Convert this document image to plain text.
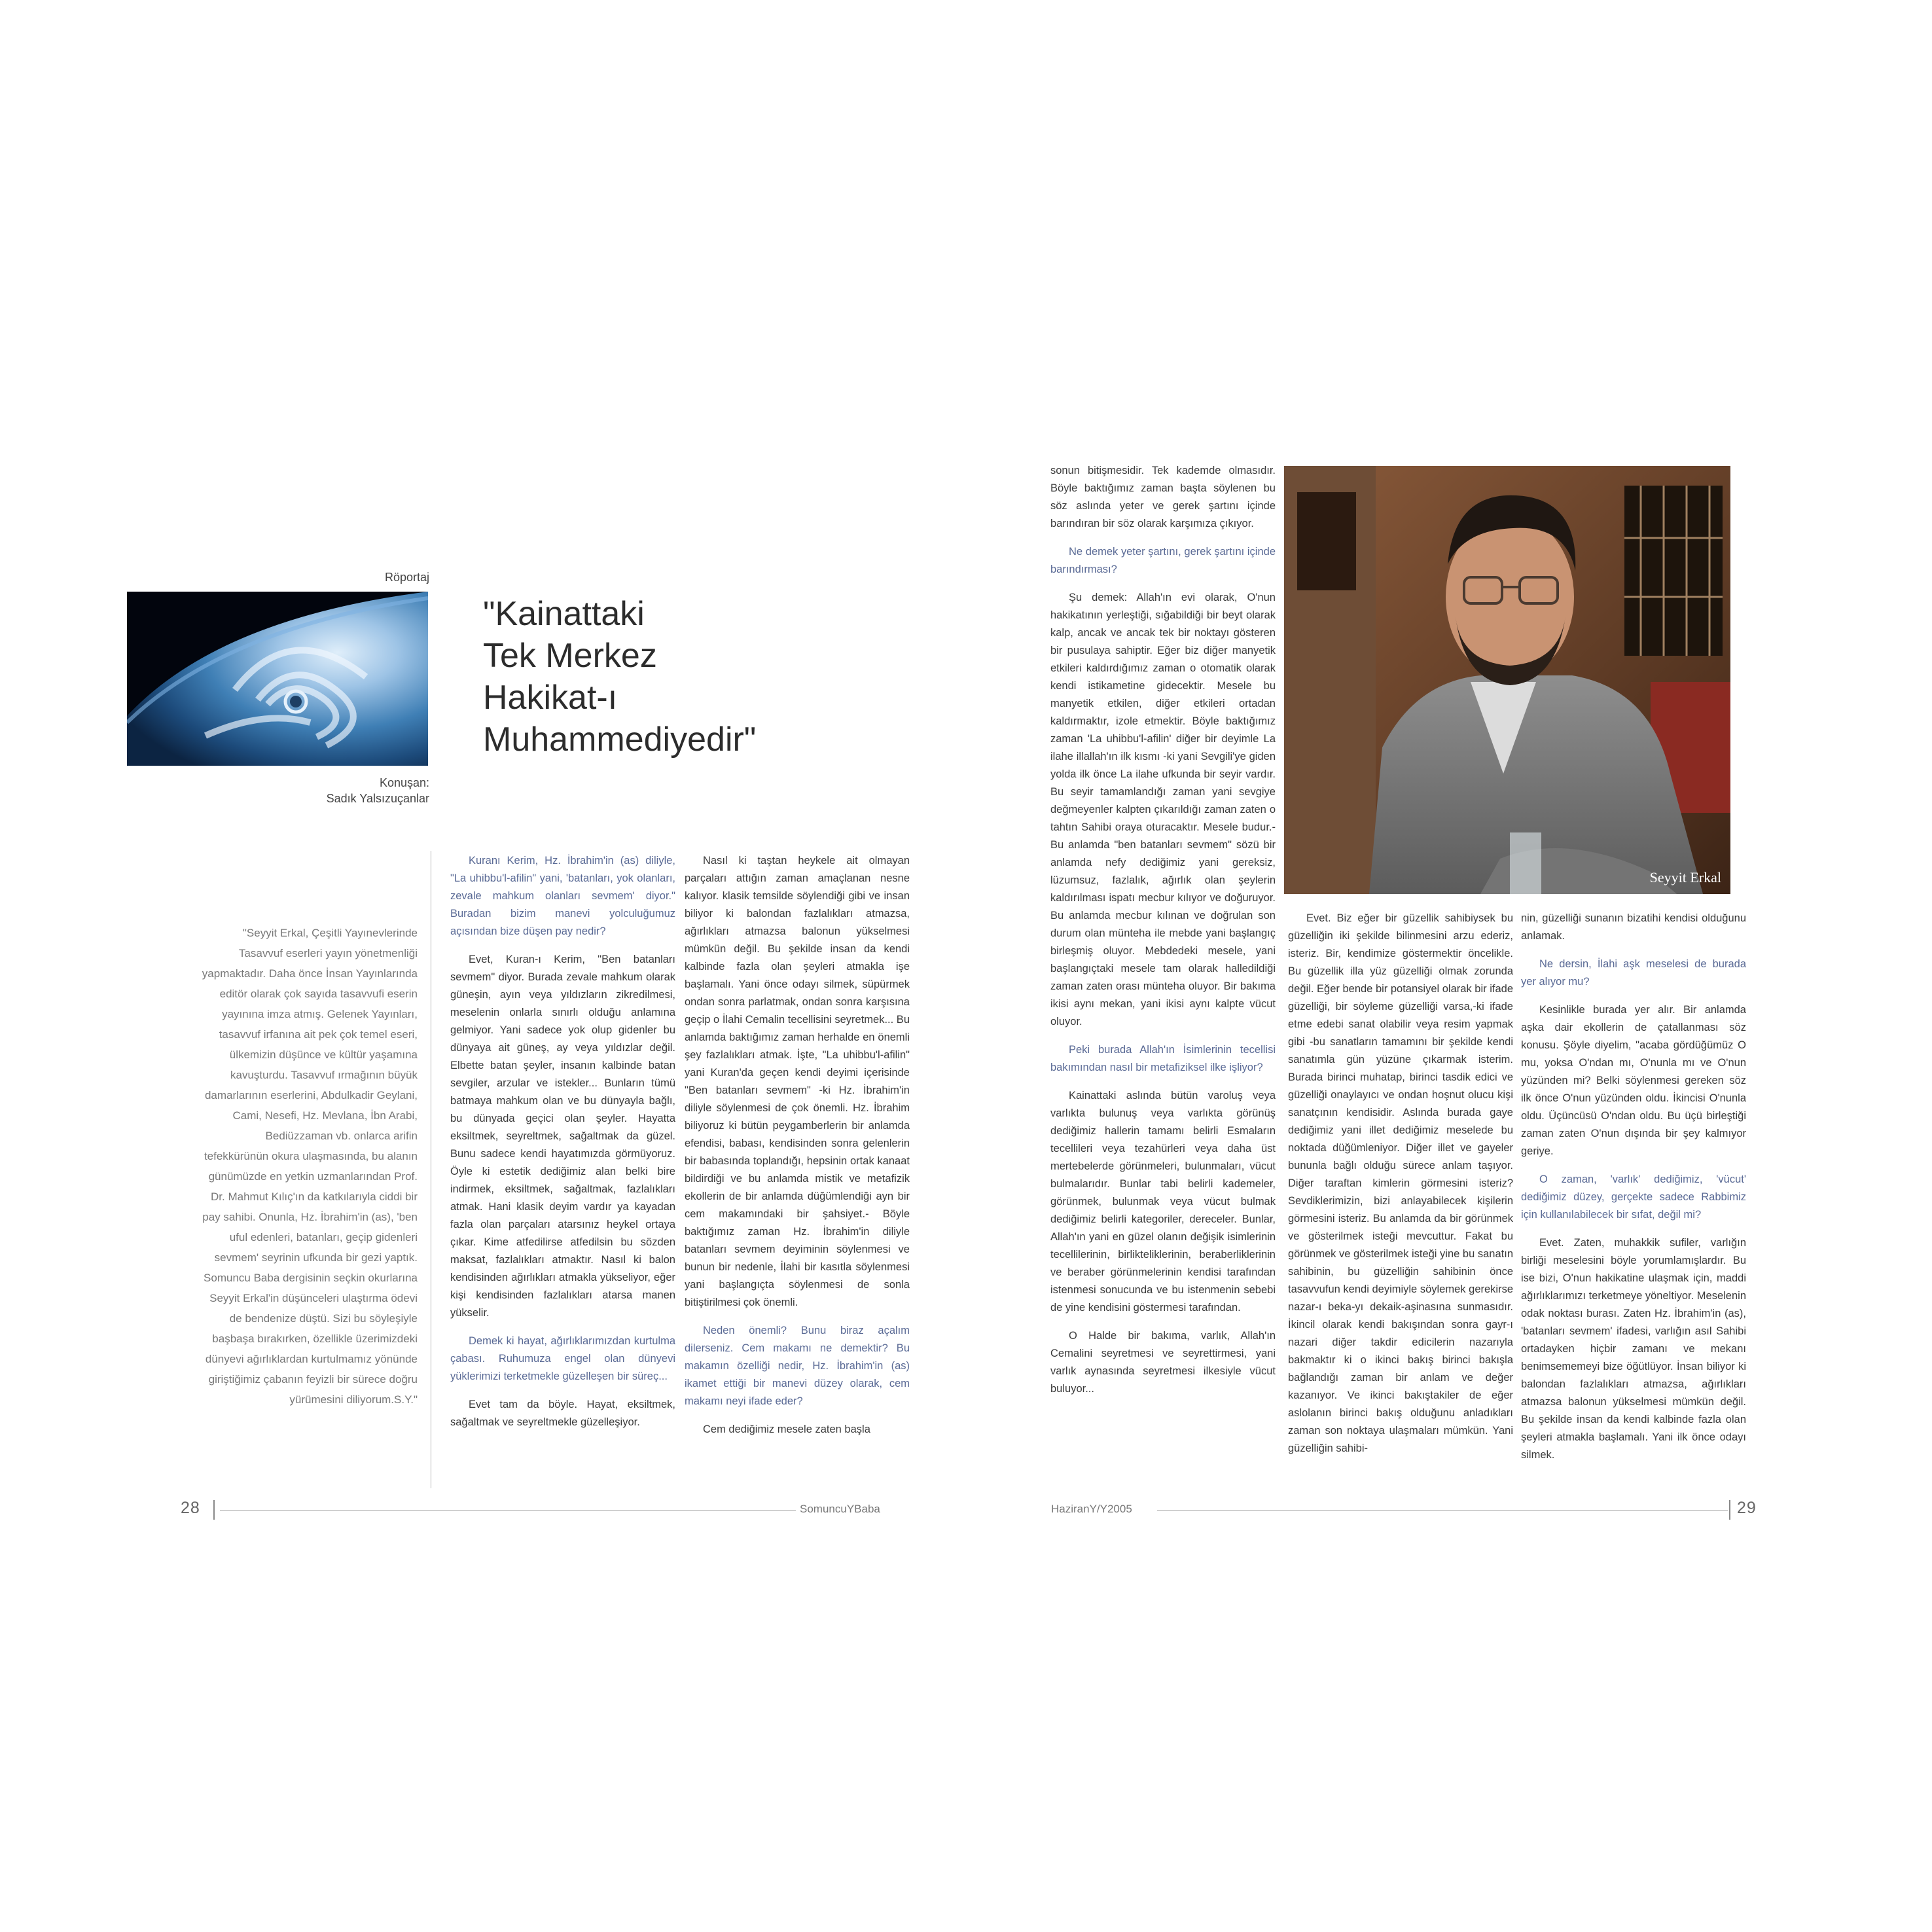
Röportaj
Konuşan:
Sadık Yalsızuçanlar
"Kainattaki
Tek Merkez
Hakikat-ı
Muhammediyedir"

"Seyyit Erkal, Çeşitli Yayınevlerinde Tasavvuf eserleri yayın yönetmenliği yapmaktadır. Daha önce İnsan Yayınlarında editör olarak çok sayıda tasavvufi eserin yayınına imza atmış. Gelenek Yayınları, tasavvuf irfanına ait pek çok temel eseri, ülkemizin düşünce ve kültür yaşamına kavuşturdu. Tasavvuf ırmağının büyük damarlarının eserlerini, Abdulkadir Geylani, Cami, Nesefi, Hz. Mevlana, İbn Arabi, Bediüzzaman vb. onlarca arifin tefekkürünün okura ulaşmasında, bu alanın günümüzde en yetkin uzmanlarından Prof. Dr. Mahmut Kılıç'ın da katkılarıyla ciddi bir pay sahibi. Onunla, Hz. İbrahim'in (as), 'ben uful edenleri, batanları, geçip gidenleri sevmem' seyrinin ufkunda bir gezi yaptık. Somuncu Baba dergisinin seçkin okurlarına Seyyit Erkal'in düşünceleri ulaştırma ödevi de bendenize düştü. Sizi bu söyleşiyle başbaşa bırakırken, özellikle üzerimizdeki dünyevi ağırlıklardan kurtulmamız yönünde giriştiğimiz çabanın feyizli bir sürece doğru yürümesini diliyorum.S.Y."

Kuranı Kerim, Hz. İbrahim'in (as) diliyle, "La uhibbu'l-afilin" yani, 'batanları, yok olanları, zevale mahkum olanları sevmem' diyor." Buradan bizim manevi yolculuğumuz açısından bize düşen pay nedir?

Evet, Kuran-ı Kerim, "Ben batanları sevmem" diyor. Burada zevale mahkum olarak güneşin, ayın veya yıldızların zikredilmesi, meselenin onlarla sınırlı olduğu anlamına gelmiyor. Yani sadece yok olup gidenler bu dünyaya ait güneş, ay veya yıldızlar değil. Elbette batan şeyler, insanın kalbinde batan sevgiler, arzular ve istekler... Bunların tümü batmaya mahkum olan ve bu dünyayla bağlı, bu dünyada geçici olan şeyler. Hayatta eksiltmek, seyreltmek, sağaltmak da güzel. Bunu sadece kendi hayatımızda görmüyoruz. Öyle ki estetik dediğimiz alan belki bire indirmek, eksiltmek, sağaltmak, fazlalıkları atmak. Hani klasik deyim vardır ya kayadan fazla olan parçaları atarsınız heykel ortaya çıkar. Kime atfedilirse atfedilsin bu sözden maksat, fazlalıkları atmaktır. Nasıl ki balon kendisinden ağırlıkları atmakla yükseliyor, eğer kişi kendisinden fazlalıkları atarsa manen yükselir.

Demek ki hayat, ağırlıklarımızdan kurtulma çabası. Ruhumuza engel olan dünyevi yüklerimizi terketmekle güzelleşen bir süreç...

Evet tam da böyle. Hayat, eksiltmek, sağaltmak ve seyreltmekle güzelleşiyor.

Nasıl ki taştan heykele ait olmayan parçaları attığın zaman amaçlanan nesne kalıyor. klasik temsilde söylendiği gibi ve insan biliyor ki balondan fazlalıkları atmazsa, ağırlıkları atmazsa balonun yükselmesi mümkün değil. Bu şekilde insan da kendi kalbinde fazla olan şeyleri atmakla işe başlamalı. Yani önce odayı silmek, süpürmek ondan sonra parlatmak, ondan sonra karşısına geçip o İlahi Cemalin tecellisini seyretmek... Bu anlamda baktığımız zaman herhalde en önemli şey fazlalıkları atmak. İşte, "La uhibbu'l-afilin" yani Kuran'da geçen kendi deyimi içerisinde "Ben batanları sevmem" -ki Hz. İbrahim'in diliyle söylenmesi de çok önemli. Hz. İbrahim biliyoruz ki bütün peygamberlerin bir anlamda efendisi, babası, kendisinden sonra gelenlerin bir babasında toplandığı, hepsinin ortak kanaat bildirdiği ve bu anlamda mistik ve metafizik ekollerin de bir anlamda düğümlendiği ayn bir cem makamındaki bir şahsiyet.- Böyle baktığımız zaman Hz. İbrahim'in diliyle batanları sevmem deyiminin söylenmesi ve bunun bir nedenle, İlahi bir kasıtla söylenmesi yani başlangıçta söylenmesi de sonla bitiştirilmesi çok önemli.

Neden önemli? Bunu biraz açalım dilerseniz. Cem makamı ne demektir? Bu makamın özelliği nedir, Hz. İbrahim'in (as) ikamet ettiği bir manevi düzey olarak, cem makamı neyi ifade eder?

Cem dediğimiz mesele zaten başla

sonun bitişmesidir. Tek kademde olmasıdır. Böyle baktığımız zaman başta söylenen bu söz aslında yeter ve gerek şartını içinde barındıran bir söz olarak karşımıza çıkıyor.

Ne demek yeter şartını, gerek şartını içinde barındırması?

Şu demek: Allah'ın evi olarak, O'nun hakikatının yerleştiği, sığabildiği bir beyt olarak kalp, ancak ve ancak tek bir noktayı gösteren bir pusulaya sahiptir. Eğer biz diğer manyetik etkileri kaldırdığımız zaman o otomatik olarak kendi istikametine gidecektir. Mesele bu manyetik etkilen, diğer etkileri ortadan kaldırmaktır, izole etmektir. Böyle baktığımız zaman 'La uhibbu'l-afilin' diğer bir deyimle La ilahe illallah'ın ilk kısmı -ki yani Sevgili'ye giden yolda ilk önce La ilahe ufkunda bir seyir vardır. Bu seyir tamamlandığı zaman yani sevgiye değmeyenler kalpten çıkarıldığı zaman zaten o tahtın Sahibi oraya oturacaktır. Mesele budur.- Bu anlamda "ben batanları sevmem" sözü bir anlamda nefy dediğimiz yani gereksiz, lüzumsuz, fazlalık, ağırlık olan şeylerin kaldırılması ispatı mecbur kılıyor ve doğuruyor. Bu anlamda mecbur kılınan ve doğrulan son durum olan münteha ile mebde yani başlangıç birleşmiş oluyor. Mebdedeki mesele, yani başlangıçtaki mesele tam olarak halledildiği zaman zaten orası münteha oluyor. Bir bakıma ikisi aynı mekan, yani ikisi aynı kalpte vücut oluyor.

Peki burada Allah'ın İsimlerinin tecellisi bakımından nasıl bir metafiziksel ilke işliyor?

Kainattaki aslında bütün varoluş veya varlıkta bulunuş veya varlıkta görünüş dediğimiz hallerin tamamı belirli Esmaların tecellileri veya tezahürleri veya daha üst mertebelerde görünmeleri, bulunmaları, vücut bulmalarıdır. Bunlar tabi belirli kademeler, görünmek, bulunmak veya vücut bulmak dediğimiz belirli kategoriler, dereceler. Bunlar, Allah'ın yani en güzel olanın değişik isimlerinin tecellilerinin, birlikteliklerinin, beraberliklerinin ve beraber görünmelerinin kendisi tarafından istenmesi sonucunda ve bu istenmenin sebebi de yine kendisini göstermesi tarafından.

O Halde bir bakıma, varlık, Allah'ın Cemalini seyretmesi ve seyrettirmesi, yani varlık aynasında seyretmesi ilkesiyle vücut buluyor...

Seyyit Erkal

Evet. Biz eğer bir güzellik sahibiysek bu güzelliğin iki şekilde bilinmesini arzu ederiz, isteriz. Bir, kendimize göstermektir öncelikle. Bu güzellik illa yüz güzelliği olmak zorunda değil. Eğer bende bir potansiyel olarak bir ifade güzelliği, bir söyleme güzelliği varsa,-ki ifade etme edebi sanat olabilir veya resim yapmak gibi -bu sanatların tamamını bir şekilde kendi sanatımla gün yüzüne çıkarmak isterim. Burada birinci muhatap, birinci tasdik edici ve güzelliği onaylayıcı ve ondan hoşnut olucu kişi sanatçının kendisidir. Aslında burada gaye dediğimiz yani illet dediğimiz meselede bu noktada düğümleniyor. Diğer illet ve gayeler bununla bağlı olduğu sürece anlam taşıyor. Diğer taraftan kimlerin görmesini isteriz? Sevdiklerimizin, bizi anlayabilecek kişilerin görmesini isteriz. Bu anlamda da bir görünmek ve gösterilmek isteği mevcuttur. Fakat bu görünmek ve gösterilmek isteği yine bu sanatın sahibinin, bu güzelliğin sahibinin önce tasavvufun kendi deyimiyle söylemek gerekirse nazar-ı beka-yı dekaik-aşinasına sunmasıdır. İkincil olarak kendi bakışından sonra gayr-ı nazari diğer takdir edicilerin nazarıyla bakmaktır ki o ikinci bakış birinci bakışla bağlandığı zaman bir anlam ve değer kazanıyor. Ve ikinci bakıştakiler de eğer aslolanın birinci bakış olduğunu anladıkları zaman son noktaya ulaşmaları mümkün. Yani güzelliğin sahibi-

nin, güzelliği sunanın bizatihi kendisi olduğunu anlamak.

Ne dersin, İlahi aşk meselesi de burada yer alıyor mu?

Kesinlikle burada yer alır. Bir anlamda aşka dair ekollerin de çatallanması söz konusu. Şöyle diyelim, "acaba gördüğümüz O mu, yoksa O'ndan mı, O'nunla mı ve O'nun yüzünden mi? Belki söylenmesi gereken söz ilk önce O'nun yüzünden oldu. İkincisi O'nunla oldu. Üçüncüsü O'ndan oldu. Bu üçü birleştiği zaman zaten O'nun dışında bir şey kalmıyor geriye.

O zaman, 'varlık' dediğimiz, 'vücut' dediğimiz düzey, gerçekte sadece Rabbimiz için kullanılabilecek bir sıfat, değil mi?

Evet. Zaten, muhakkik sufiler, varlığın birliği meselesini böyle yorumlamışlardır. Bu ise bizi, O'nun hakikatine ulaşmak için, maddi ağırlıklarımızı terketmeye yöneltiyor. Meselenin odak noktası burası. Zaten Hz. İbrahim'in (as), 'batanları sevmem' ifadesi, varlığın asıl Sahibi ortadayken hiçbir zamanı ve mekanı benimsememeyi bize öğütlüyor. İnsan biliyor ki balondan fazlalıkları atmazsa, ağırlıkları atmazsa balonun yükselmesi mümkün değil. Bu şekilde insan da kendi kalbinde fazla olan şeyleri atmakla başlamalı. Yani ilk önce odayı silmek.

28	SomuncuYBaba	HaziranY/Y2005	29
